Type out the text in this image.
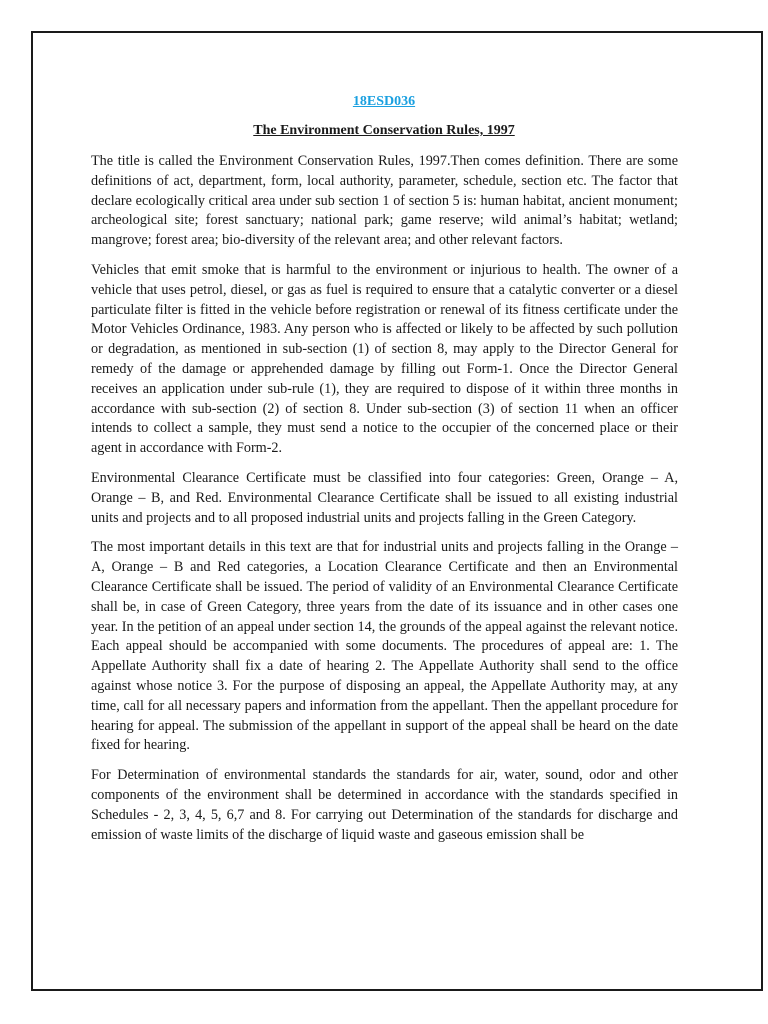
18ESD036
The Environment Conservation Rules, 1997

The title is called the Environment Conservation Rules, 1997.Then comes definition. There are some definitions of act, department, form, local authority, parameter, schedule, section etc. The factor that declare ecologically critical area under sub section 1 of section 5 is: human habitat, ancient monument; archeological site; forest sanctuary; national park; game reserve; wild animal’s habitat; wetland; mangrove; forest area; bio-diversity of the relevant area; and other relevant factors.

Vehicles that emit smoke that is harmful to the environment or injurious to health. The owner of a vehicle that uses petrol, diesel, or gas as fuel is required to ensure that a catalytic converter or a diesel particulate filter is fitted in the vehicle before registration or renewal of its fitness certificate under the Motor Vehicles Ordinance, 1983. Any person who is affected or likely to be affected by such pollution or degradation, as mentioned in sub-section (1) of section 8, may apply to the Director General for remedy of the damage or apprehended damage by filling out Form-1. Once the Director General receives an application under sub-rule (1), they are required to dispose of it within three months in accordance with sub-section (2) of section 8. Under sub-section (3) of section 11 when an officer intends to collect a sample, they must send a notice to the occupier of the concerned place or their agent in accordance with Form-2.

Environmental Clearance Certificate must be classified into four categories: Green, Orange – A, Orange – B, and Red. Environmental Clearance Certificate shall be issued to all existing industrial units and projects and to all proposed industrial units and projects falling in the Green Category.

The most important details in this text are that for industrial units and projects falling in the Orange – A, Orange – B and Red categories, a Location Clearance Certificate and then an Environmental Clearance Certificate shall be issued. The period of validity of an Environmental Clearance Certificate shall be, in case of Green Category, three years from the date of its issuance and in other cases one year. In the petition of an appeal under section 14, the grounds of the appeal against the relevant notice. Each appeal should be accompanied with some documents. The procedures of appeal are: 1. The Appellate Authority shall fix a date of hearing 2. The Appellate Authority shall send to the office against whose notice 3. For the purpose of disposing an appeal, the Appellate Authority may, at any time, call for all necessary papers and information from the appellant. Then the appellant procedure for hearing for appeal. The submission of the appellant in support of the appeal shall be heard on the date fixed for hearing.

For Determination of environmental standards the standards for air, water, sound, odor and other components of the environment shall be determined in accordance with the standards specified in Schedules - 2, 3, 4, 5, 6,7 and 8. For carrying out Determination of the standards for discharge and emission of waste limits of the discharge of liquid waste and gaseous emission shall be
